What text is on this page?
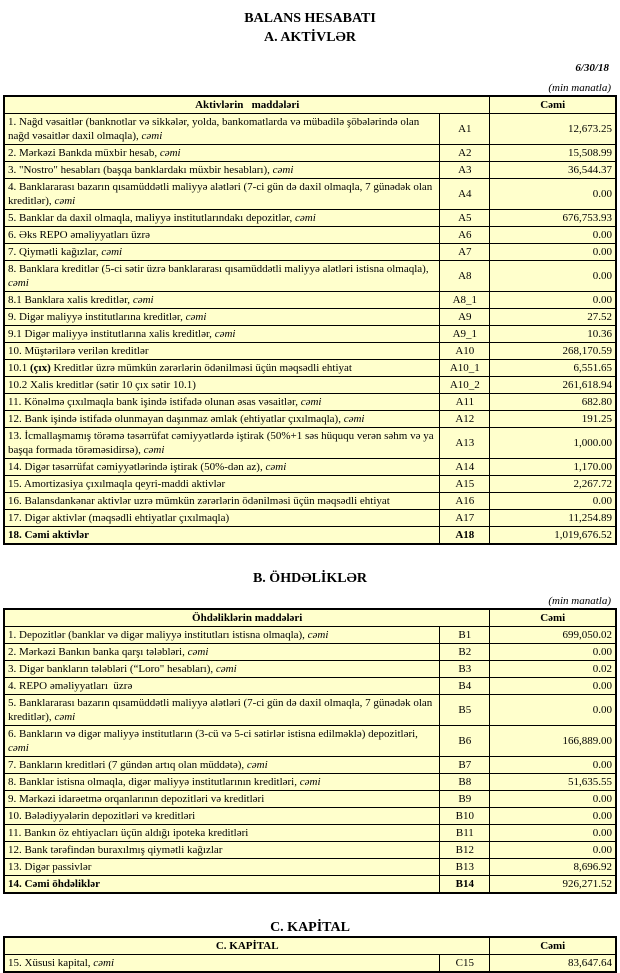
BALANS HESABATI
A. AKTİVLƏR
6/30/18
(min manatla)
Aktivlərin   maddələri		Cəmi
1. Nağd vəsaitlər (banknotlar və sikkələr, yolda, bankomatlarda və mübadilə şöbələrində olan nağd vəsaitlər daxil olmaqla), cəmi	A1	12,673.25
2. Mərkəzi Bankda müxbir hesab, cəmi	A2	15,508.99
3. "Nostro" hesabları (başqa banklardakı müxbir hesabları), cəmi	A3	36,544.37
4. Banklararası bazarın qısamüddətli maliyyə alətləri (7-ci gün də daxil olmaqla, 7 günədək olan kreditlər), cəmi	A4	0.00
5. Banklar da daxil olmaqla, maliyyə institutlarındakı depozitlər, cəmi	A5	676,753.93
6. Əks REPO əməliyyatları üzrə	A6	0.00
7. Qiymətli kağızlar, cəmi	A7	0.00
8. Banklara kreditlər (5-ci sətir üzrə banklararası qısamüddətli maliyyə alətləri istisna olmaqla), cəmi	A8	0.00
8.1 Banklara xalis kreditlər, cəmi	A8_1	0.00
9. Digər maliyyə institutlarına kreditlər, cəmi	A9	27.52
9.1 Digər maliyyə institutlarına xalis kreditlər, cəmi	A9_1	10.36
10. Müştərilərə verilən kreditlər	A10	268,170.59
10.1 (çıx) Kreditlər üzrə mümkün zərərlərin ödənilməsi üçün məqsədli ehtiyat	A10_1	6,551.65
10.2 Xalis kreditlər (sətir 10 çıx sətir 10.1)	A10_2	261,618.94
11. Könəlmə çıxılmaqla bank işində istifadə olunan əsas vəsaitlər, cəmi	A11	682.80
12. Bank işində istifadə olunmayan daşınmaz əmlak (ehtiyatlar çıxılmaqla), cəmi	A12	191.25
13. İcmallaşmamış törəmə təsərrüfat cəmiyyətlərdə iştirak (50%+1 səs hüququ verən səhm və ya başqa formada törəməsidirsə), cəmi	A13	1,000.00
14. Digər təsərrüfat cəmiyyətlərində iştirak (50%-dən az), cəmi	A14	1,170.00
15. Amortizasiya çıxılmaqla qeyri-maddi aktivlər	A15	2,267.72
16. Balansdankənar aktivlər uzrə mümkün zərərlərin ödənilməsi üçün məqsədli ehtiyat	A16	0.00
17. Digər aktivlər (məqsədli ehtiyatlar çıxılmaqla)	A17	11,254.89
18. Cəmi aktivlər	A18	1,019,676.52
B. ÖHDƏLİKLƏR
(min manatla)
Öhdəliklərin maddələri		Cəmi
1. Depozitlər (banklar və digər maliyyə institutları istisna olmaqla), cəmi	B1	699,050.02
2. Mərkəzi Bankın banka qarşı tələbləri, cəmi	B2	0.00
3. Digər bankların tələbləri (“Loro" hesabları), cəmi	B3	0.02
4. REPO əməliyyatları  üzrə	B4	0.00
5. Banklararası bazarın qısamüddətli maliyyə alətləri (7-ci gün də daxil olmaqla, 7 günədək olan kreditlər), cəmi	B5	0.00
6. Bankların və digər maliyyə institutların (3-cü və 5-ci sətirlər istisna edilməklə) depozitləri, cəmi	B6	166,889.00
7. Bankların kreditləri (7 gündən artıq olan müddətə), cəmi	B7	0.00
8. Banklar istisna olmaqla, digər maliyyə institutlarının kreditləri, cəmi	B8	51,635.55
9. Mərkəzi idarəetmə orqanlarının depozitləri və kreditləri	B9	0.00
10. Bələdiyyələrin depozitləri və kreditləri	B10	0.00
11. Bankın öz ehtiyacları üçün aldığı ipoteka kreditləri	B11	0.00
12. Bank tərəfindən buraxılmış qiymətli kağızlar	B12	0.00
13. Digər passivlər	B13	8,696.92
14. Cəmi öhdəliklər	B14	926,271.52
C. KAPİTAL
C. KAPİTAL		Cəmi
15. Xüsusi kapital, cəmi	C15	83,647.64
